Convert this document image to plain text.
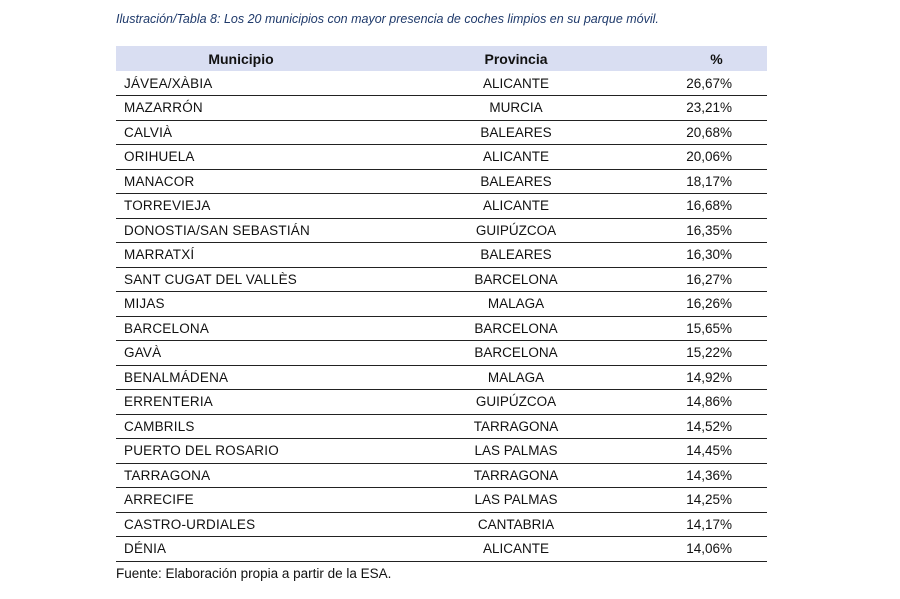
Ilustración/Tabla 8: Los 20 municipios con mayor presencia de coches limpios en su parque móvil.
Municipio	Provincia	%
JÁVEA/XÀBIA	ALICANTE	26,67%
MAZARRÓN	MURCIA	23,21%
CALVIÀ	BALEARES	20,68%
ORIHUELA	ALICANTE	20,06%
MANACOR	BALEARES	18,17%
TORREVIEJA	ALICANTE	16,68%
DONOSTIA/SAN SEBASTIÁN	GUIPÚZCOA	16,35%
MARRATXÍ	BALEARES	16,30%
SANT CUGAT DEL VALLÈS	BARCELONA	16,27%
MIJAS	MALAGA	16,26%
BARCELONA	BARCELONA	15,65%
GAVÀ	BARCELONA	15,22%
BENALMÁDENA	MALAGA	14,92%
ERRENTERIA	GUIPÚZCOA	14,86%
CAMBRILS	TARRAGONA	14,52%
PUERTO DEL ROSARIO	LAS PALMAS	14,45%
TARRAGONA	TARRAGONA	14,36%
ARRECIFE	LAS PALMAS	14,25%
CASTRO-URDIALES	CANTABRIA	14,17%
DÉNIA	ALICANTE	14,06%
Fuente: Elaboración propia a partir de la ESA.
